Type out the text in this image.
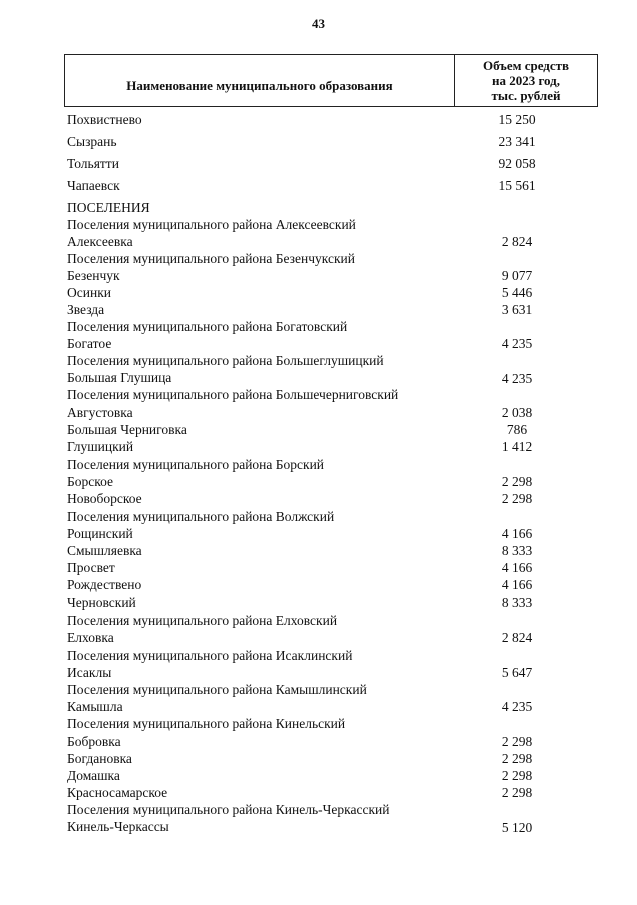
43
Наименование муниципального образования
Объем средств
на 2023 год,
тыс. рублей
Похвистнево	15 250
Сызрань	23 341
Тольятти	92 058
Чапаевск	15 561
ПОСЕЛЕНИЯ
Поселения муниципального района Алексеевский
Алексеевка	2 824
Поселения муниципального района Безенчукский
Безенчук	9 077
Осинки	5 446
Звезда	3 631
Поселения муниципального района Богатовский
Богатое	4 235
Поселения муниципального района Большеглушицкий
Большая Глушица	4 235
Поселения муниципального района Большечерниговский
Августовка	2 038
Большая Черниговка	786
Глушицкий	1 412
Поселения муниципального района Борский
Борское	2 298
Новоборское	2 298
Поселения муниципального района Волжский
Рощинский	4 166
Смышляевка	8 333
Просвет	4 166
Рождествено	4 166
Черновский	8 333
Поселения муниципального района Елховский
Елховка	2 824
Поселения муниципального района Исаклинский
Исаклы	5 647
Поселения муниципального района Камышлинский
Камышла	4 235
Поселения муниципального района Кинельский
Бобровка	2 298
Богдановка	2 298
Домашка	2 298
Красносамарское	2 298
Поселения муниципального района Кинель-Черкасский
Кинель-Черкассы	5 120
